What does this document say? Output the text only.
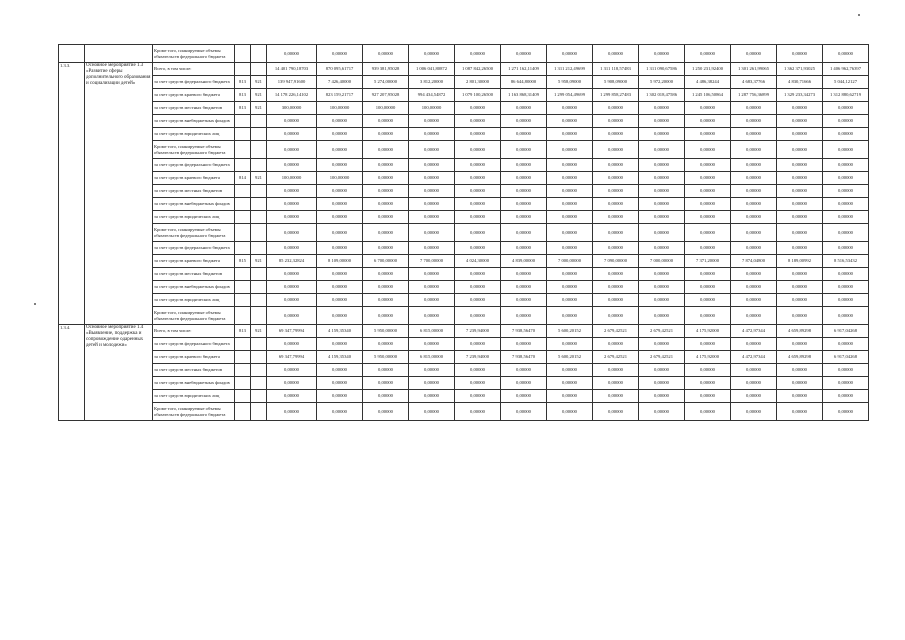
		Кроме того, планируемые объемы обязательств федерального бюджета			0,00000	0,00000	0,00000	0,00000	0,00000	0,00000	0,00000	0,00000	0,00000	0,00000	0,00000	0,00000	0,00000
1.3.3.	Основное мероприятие 1.3 «Развитие сферы дополнительного образования и социализации детей»	Всего, в том числе:			14 401 790,18703	870 095,61717	939 381,95028	1 006 041,80872	1 087 842,26500	1 271 162,11409	1 311 212,49699	1 311 118,57483	1 311 090,67586	1 250 231,92400	1 301 261,99065	1 362 371,93025	1 406 962,76397
		за счет средств федерального бюджета	813	921	139 947,91600	7 426,40000	5 274,00000	3 812,20000	2 801,30000	86 644,80000	5 958,09000	5 908,09000	5 972,20000	4 486,38244	4 683,37766	4 830,71666	5 044,12127
		за счет средств краевого бюджета	813	921	14 178 226,14102	823 159,21717	927 207,95028	994 434,54872	1 079 100,26500	1 163 868,31409	1 299 054,49699	1 299 858,27483	1 302 018,47586	1 245 106,50864	1 287 756,36899	1 329 233,34273	1 312 880,62719
		за счет средств местных бюджетов	813	921	300,00000	100,00000	100,00000	100,00000	0,00000	0,00000	0,00000	0,00000	0,00000	0,00000	0,00000	0,00000	0,00000
		за счет средств внебюджетных фондов			0,00000	0,00000	0,00000	0,00000	0,00000	0,00000	0,00000	0,00000	0,00000	0,00000	0,00000	0,00000	0,00000
		за счет средств юридических лиц			0,00000	0,00000	0,00000	0,00000	0,00000	0,00000	0,00000	0,00000	0,00000	0,00000	0,00000	0,00000	0,00000
		Кроме того, планируемые объемы обязательств федерального бюджета			0,00000	0,00000	0,00000	0,00000	0,00000	0,00000	0,00000	0,00000	0,00000	0,00000	0,00000	0,00000	0,00000
		за счет средств федерального бюджета			0,00000	0,00000	0,00000	0,00000	0,00000	0,00000	0,00000	0,00000	0,00000	0,00000	0,00000	0,00000	0,00000
		за счет средств краевого бюджета	814	921	100,00000	100,00000	0,00000	0,00000	0,00000	0,00000	0,00000	0,00000	0,00000	0,00000	0,00000	0,00000	0,00000
		за счет средств местных бюджетов			0,00000	0,00000	0,00000	0,00000	0,00000	0,00000	0,00000	0,00000	0,00000	0,00000	0,00000	0,00000	0,00000
		за счет средств внебюджетных фондов			0,00000	0,00000	0,00000	0,00000	0,00000	0,00000	0,00000	0,00000	0,00000	0,00000	0,00000	0,00000	0,00000
		за счет средств юридических лиц			0,00000	0,00000	0,00000	0,00000	0,00000	0,00000	0,00000	0,00000	0,00000	0,00000	0,00000	0,00000	0,00000
		Кроме того, планируемые объемы обязательств федерального бюджета			0,00000	0,00000	0,00000	0,00000	0,00000	0,00000	0,00000	0,00000	0,00000	0,00000	0,00000	0,00000	0,00000
		за счет средств федерального бюджета			0,00000	0,00000	0,00000	0,00000	0,00000	0,00000	0,00000	0,00000	0,00000	0,00000	0,00000	0,00000	0,00000
		за счет средств краевого бюджета	815	921	85 232,32824	8 109,00000	6 700,00000	7 700,00000	4 024,30000	4 839,00000	7 000,00000	7 090,00000	7 000,00000	7 371,20000	7 874,04800	8 189,00992	8 516,53432
		за счет средств местных бюджетов			0,00000	0,00000	0,00000	0,00000	0,00000	0,00000	0,00000	0,00000	0,00000	0,00000	0,00000	0,00000	0,00000
		за счет средств внебюджетных фондов			0,00000	0,00000	0,00000	0,00000	0,00000	0,00000	0,00000	0,00000	0,00000	0,00000	0,00000	0,00000	0,00000
		за счет средств юридических лиц			0,00000	0,00000	0,00000	0,00000	0,00000	0,00000	0,00000	0,00000	0,00000	0,00000	0,00000	0,00000	0,00000
		Кроме того, планируемые объемы обязательств федерального бюджета			0,00000	0,00000	0,00000	0,00000	0,00000	0,00000	0,00000	0,00000	0,00000	0,00000	0,00000	0,00000	0,00000
1.3.4.	Основное мероприятие 1.4 «Выявление, поддержка и сопровождение одаренных детей и молодежи»	Всего, в том числе:	813	921	69 347,79994	4 159,35340	5 950,00000	6 815,00000	7 239,94000	7 938,56470	5 600,20152	2 679,42521	2 679,42521	4 175,92000	4 472,97344	4 659,89298	6 917,04268
		за счет средств федерального бюджета			0,00000	0,00000	0,00000	0,00000	0,00000	0,00000	0,00000	0,00000	0,00000	0,00000	0,00000	0,00000	0,00000
		за счет средств краевого бюджета			69 347,79994	4 159,35340	5 950,00000	6 815,00000	7 239,94000	7 938,56470	5 600,20152	2 679,42521	2 679,42521	4 175,92000	4 472,97344	4 659,89298	6 917,04268
		за счет средств местных бюджетов			0,00000	0,00000	0,00000	0,00000	0,00000	0,00000	0,00000	0,00000	0,00000	0,00000	0,00000	0,00000	0,00000
		за счет средств внебюджетных фондов			0,00000	0,00000	0,00000	0,00000	0,00000	0,00000	0,00000	0,00000	0,00000	0,00000	0,00000	0,00000	0,00000
		за счет средств юридических лиц			0,00000	0,00000	0,00000	0,00000	0,00000	0,00000	0,00000	0,00000	0,00000	0,00000	0,00000	0,00000	0,00000
		Кроме того, планируемые объемы обязательств федерального бюджета			0,00000	0,00000	0,00000	0,00000	0,00000	0,00000	0,00000	0,00000	0,00000	0,00000	0,00000	0,00000	0,00000
